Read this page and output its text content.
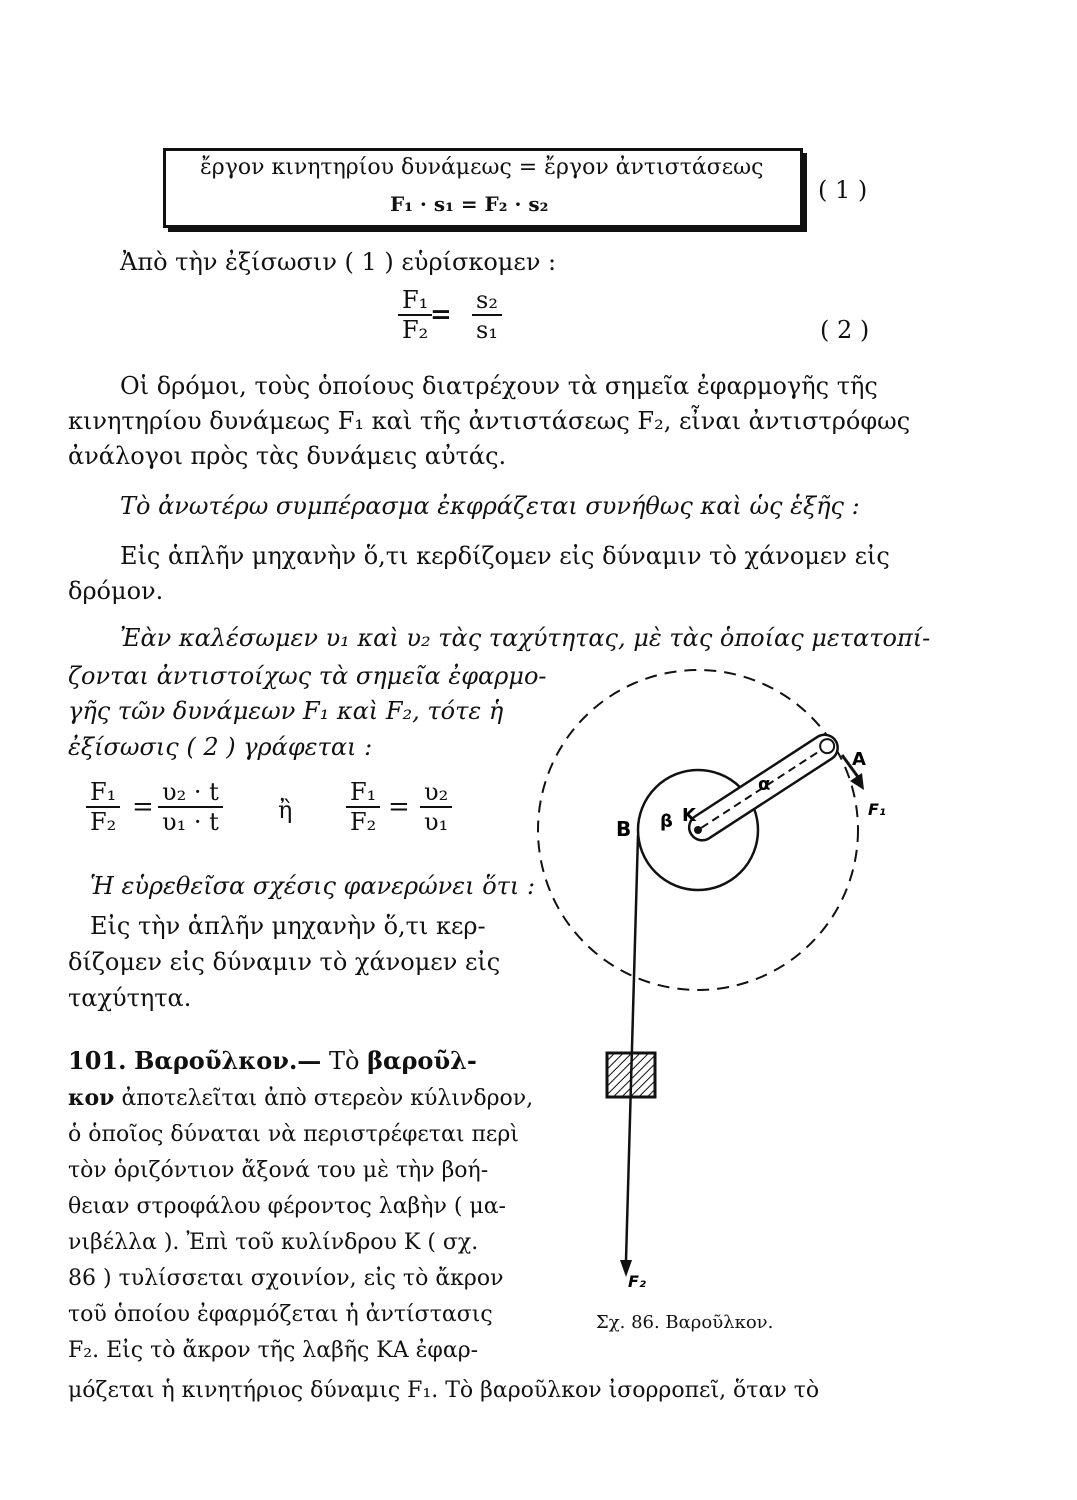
ἔργον κινητηρίου δυνάμεως = ἔργον ἀντιστάσεως
F₁ · s₁ = F₂ · s₂	( 1 )
Ἀπὸ τὴν ἐξίσωσιν ( 1 ) εὑρίσκομεν :
F₁
F₂ = s₂
s₁	( 2 )
Οἱ δρόμοι, τοὺς ὁποίους διατρέχουν τὰ σημεῖα ἐφαρμογῆς τῆς
κινητηρίου δυνάμεως F₁ καὶ τῆς ἀντιστάσεως F₂, εἶναι ἀντιστρόφως
ἀνάλογοι πρὸς τὰς δυνάμεις αὐτάς.
Τὸ ἀνωτέρω συμπέρασμα ἐκφράζεται συνήθως καὶ ὡς ἑξῆς :
Εἰς ἁπλῆν μηχανὴν ὅ,τι κερδίζομεν εἰς δύναμιν τὸ χάνομεν εἰς
δρόμον.
Ἐὰν καλέσωμεν υ₁ καὶ υ₂ τὰς ταχύτητας, μὲ τὰς ὁποίας μετατοπί-
ζονται ἀντιστοίχως τὰ σημεῖα ἐφαρμο-
γῆς τῶν δυνάμεων F₁ καὶ F₂, τότε ἡ
ἐξίσωσις ( 2 ) γράφεται :
F₁
F₂ = υ₂ · t
υ₁ · t ἢ
F₁
F₂ = υ₂
υ₁
Ἡ εὑρεθεῖσα σχέσις φανερώνει ὅτι :
Εἰς τὴν ἁπλῆν μηχανὴν ὅ,τι κερ-
δίζομεν εἰς δύναμιν τὸ χάνομεν εἰς
ταχύτητα.
101. Βαροῦλκον.— Τὸ βαροῦλ-
κον ἀποτελεῖται ἀπὸ στερεὸν κύλινδρον,
ὁ ὁποῖος δύναται νὰ περιστρέφεται περὶ
τὸν ὁριζόντιον ἄξονά του μὲ τὴν βοή-
θειαν στροφάλου φέροντος λαβὴν ( μα-
νιβέλλα ). Ἐπὶ τοῦ κυλίνδρου Κ ( σχ.
86 ) τυλίσσεται σχοινίον, εἰς τὸ ἄκρον
τοῦ ὁποίου ἐφαρμόζεται ἡ ἀντίστασις
F₂. Εἰς τὸ ἄκρον τῆς λαβῆς ΚΑ ἐφαρ-
μόζεται ἡ κινητήριος δύναμις F₁. Τὸ βαροῦλκον ἰσορροπεῖ, ὅταν τὸ
A
B β K
α
F₁
F₂
Σχ. 86. Βαροῦλκον.
